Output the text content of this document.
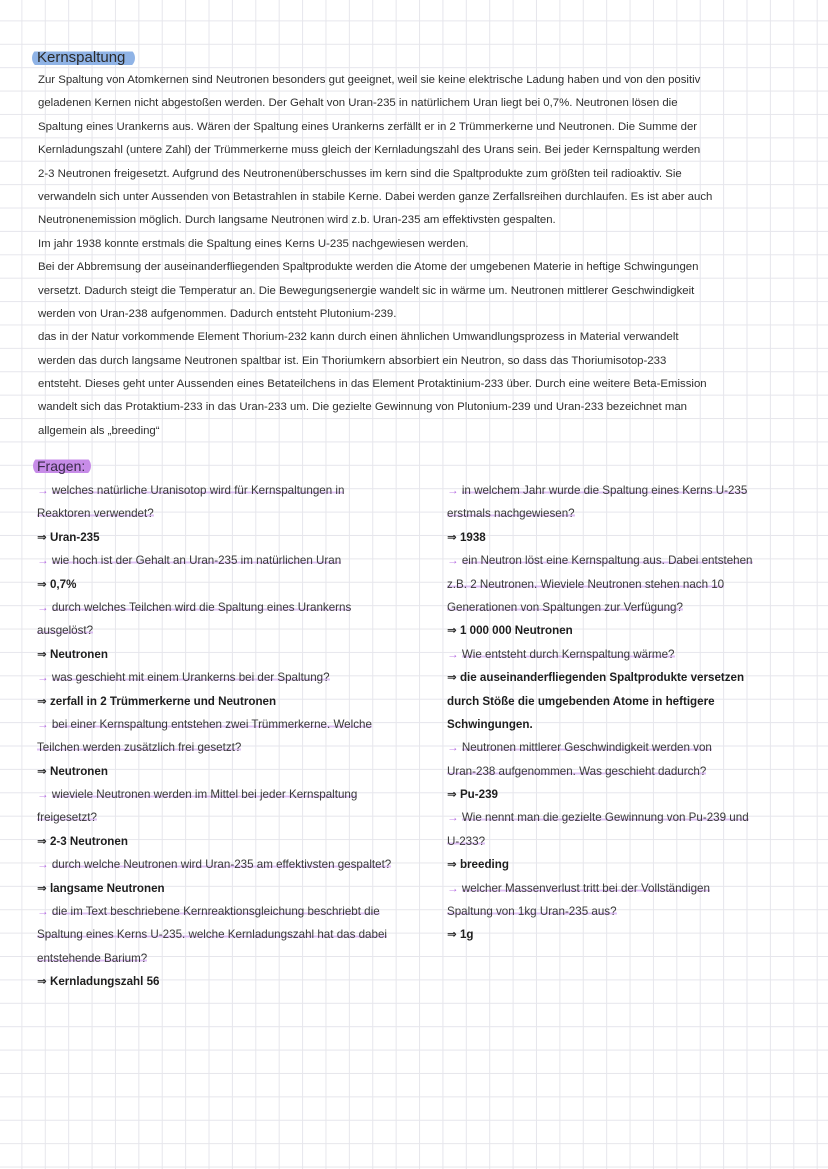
Kernspaltung
Zur Spaltung von Atomkernen sind Neutronen besonders gut geeignet, weil sie keine elektrische Ladung haben und von den positiv
geladenen Kernen nicht abgestoßen werden. Der Gehalt von Uran-235 in natürlichem Uran liegt bei 0,7%. Neutronen lösen die
Spaltung eines Urankerns aus. Wären der Spaltung eines Urankerns zerfällt er in 2 Trümmerkerne und Neutronen. Die Summe der
Kernladungszahl (untere Zahl) der Trümmerkerne muss gleich der Kernladungszahl des Urans sein. Bei jeder Kernspaltung werden
2-3 Neutronen freigesetzt. Aufgrund des Neutronenüberschusses im kern sind die Spaltprodukte zum größten teil radioaktiv. Sie
verwandeln sich unter Aussenden von Betastrahlen in stabile Kerne. Dabei werden ganze Zerfallsreihen durchlaufen. Es ist aber auch
Neutronenemission möglich. Durch langsame Neutronen wird z.b. Uran-235 am effektivsten gespalten.
Im jahr 1938 konnte erstmals die Spaltung eines Kerns U-235 nachgewiesen werden.
Bei der Abbremsung der auseinanderfliegenden Spaltprodukte werden die Atome der umgebenen Materie in heftige Schwingungen
versetzt. Dadurch steigt die Temperatur an. Die Bewegungsenergie wandelt sic in wärme um. Neutronen mittlerer Geschwindigkeit
werden von Uran-238 aufgenommen. Dadurch entsteht Plutonium-239.
das in der Natur vorkommende Element Thorium-232 kann durch einen ähnlichen Umwandlungsprozess in Material verwandelt
werden das durch langsame Neutronen spaltbar ist. Ein Thoriumkern absorbiert ein Neutron, so dass das Thoriumisotop-233
entsteht. Dieses geht unter Aussenden eines Betateilchens in das Element Protaktinium-233 über. Durch eine weitere Beta-Emission
wandelt sich das Protaktium-233 in das Uran-233 um. Die gezielte Gewinnung von Plutonium-239 und Uran-233 bezeichnet man
allgemein als „breeding“
Fragen:
→ welches natürliche Uranisotop wird für Kernspaltungen in
Reaktoren verwendet?
⇒ Uran-235
→ wie hoch ist der Gehalt an Uran-235 im natürlichen Uran
⇒ 0,7%
→ durch welches Teilchen wird die Spaltung eines Urankerns
ausgelöst?
⇒ Neutronen
→ was geschieht mit einem Urankerns bei der Spaltung?
⇒ zerfall in 2 Trümmerkerne und Neutronen
→ bei einer Kernspaltung entstehen zwei Trümmerkerne. Welche
Teilchen werden zusätzlich frei gesetzt?
⇒ Neutronen
→ wieviele Neutronen werden im Mittel bei jeder Kernspaltung
freigesetzt?
⇒ 2-3 Neutronen
→ durch welche Neutronen wird Uran-235 am effektivsten gespaltet?
⇒ langsame Neutronen
→ die im Text beschriebene Kernreaktionsgleichung beschriebt die
Spaltung eines Kerns U-235. welche Kernladungszahl hat das dabei
entstehende Barium?
⇒ Kernladungszahl 56
→ in welchem Jahr wurde die Spaltung eines Kerns U-235
erstmals nachgewiesen?
⇒ 1938
→ ein Neutron löst eine Kernspaltung aus. Dabei entstehen
z.B. 2 Neutronen. Wieviele Neutronen stehen nach 10
Generationen von Spaltungen zur Verfügung?
⇒ 1 000 000 Neutronen
→ Wie entsteht durch Kernspaltung wärme?
⇒ die auseinanderfliegenden Spaltprodukte versetzen
durch Stöße die umgebenden Atome in heftigere
Schwingungen.
→ Neutronen mittlerer Geschwindigkeit werden von
Uran-238 aufgenommen. Was geschieht dadurch?
⇒ Pu-239
→ Wie nennt man die gezielte Gewinnung von Pu-239 und
U-233?
⇒ breeding
→ welcher Massenverlust tritt bei der Vollständigen
Spaltung von 1kg Uran-235 aus?
⇒ 1g
